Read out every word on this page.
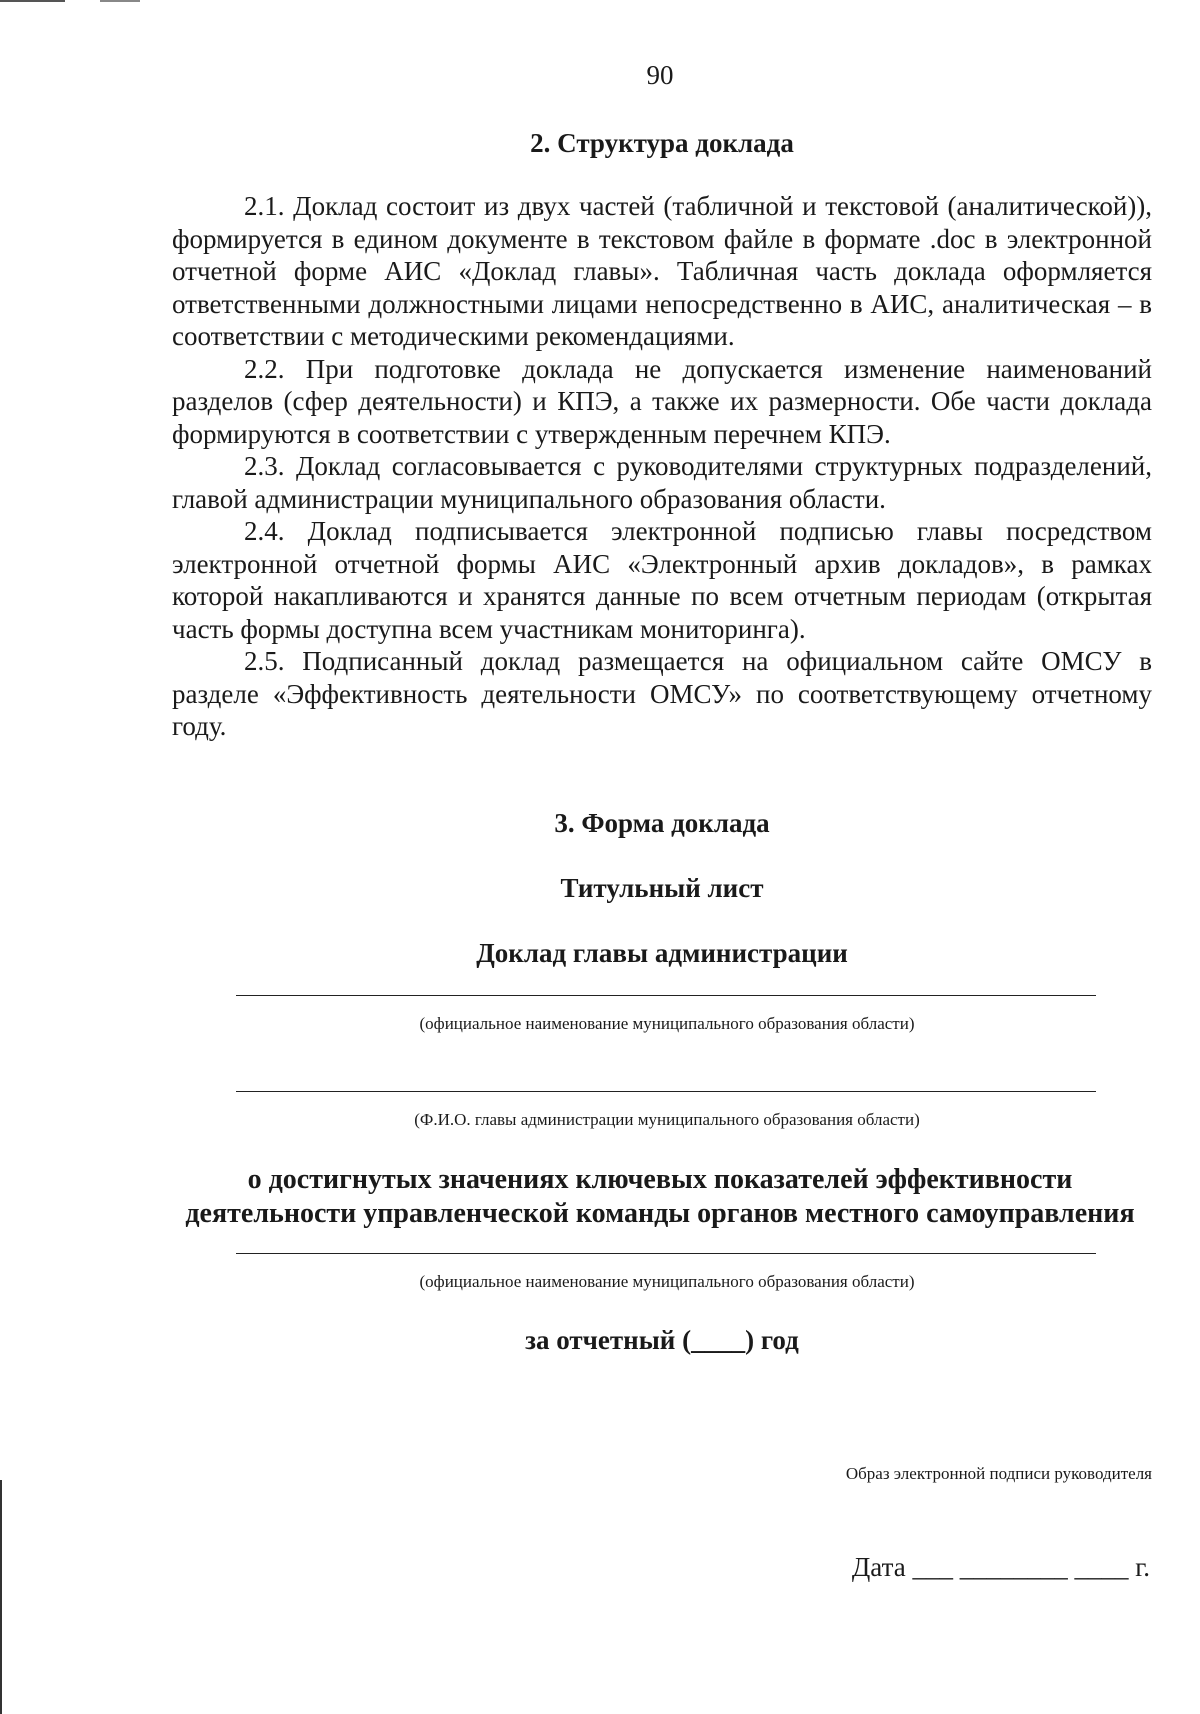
90
2. Структура доклада

2.1. Доклад состоит из двух частей (табличной и текстовой (аналитической)), формируется в едином документе в текстовом файле в формате .doc в электронной отчетной форме АИС «Доклад главы». Табличная часть доклада оформляется ответственными должностными лицами непосредственно в АИС, аналитическая – в соответствии с методическими рекомендациями.

2.2. При подготовке доклада не допускается изменение наименований разделов (сфер деятельности) и КПЭ, а также их размерности. Обе части доклада формируются в соответствии с утвержденным перечнем КПЭ.

2.3. Доклад согласовывается с руководителями структурных подразделений, главой администрации муниципального образования области.

2.4. Доклад подписывается электронной подписью главы посредством электронной отчетной формы АИС «Электронный архив докладов», в рамках которой накапливаются и хранятся данные по всем отчетным периодам (открытая часть формы доступна всем участникам мониторинга).

2.5. Подписанный доклад размещается на официальном сайте ОМСУ в разделе «Эффективность деятельности ОМСУ» по соответствующему отчетному году.

3. Форма доклада
Титульный лист
Доклад главы администрации
(официальное наименование муниципального образования области)
(Ф.И.О. главы администрации муниципального образования области)
о достигнутых значениях ключевых показателей эффективности
деятельности управленческой команды органов местного самоуправления
(официальное наименование муниципального образования области)
за отчетный (____) год
Образ электронной подписи руководителя
Дата ___ ________ ____ г.
